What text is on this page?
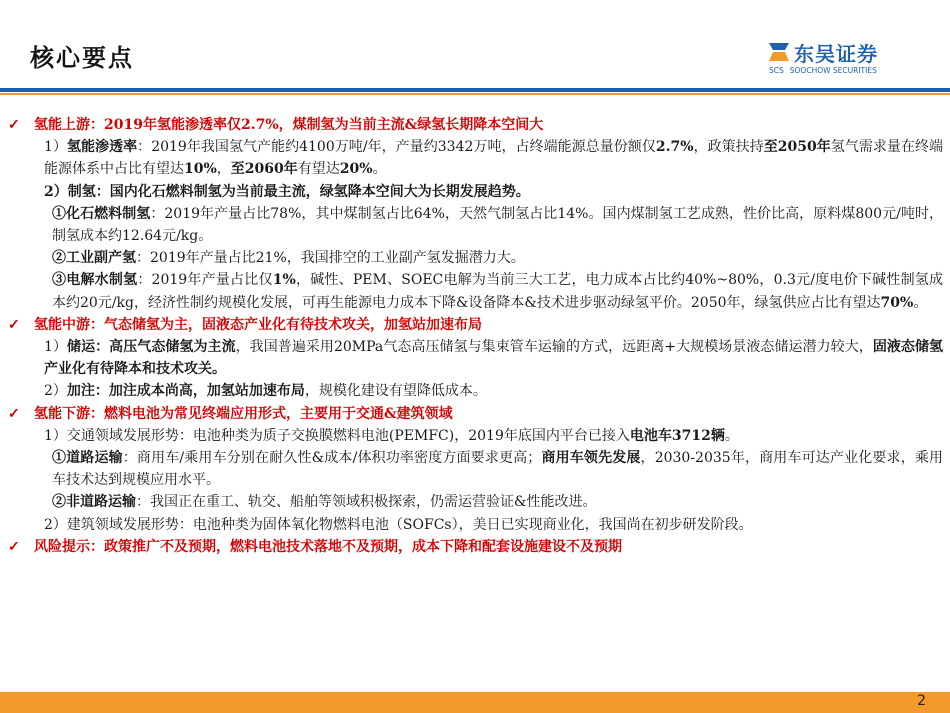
核心要点	东吴证券
SCS SOOCHOW SECURITIES
✓ 氢能上游：2019年氢能渗透率仅2.7%，煤制氢为当前主流&绿氢长期降本空间大
1）氢能渗透率：2019年我国氢气产能约4100万吨/年，产量约3342万吨，占终端能源总量份额仅2.7%，政策扶持至2050年氢气需求量在终端能源体系中占比有望达10%，至2060年有望达20%。
2）制氢：国内化石燃料制氢为当前最主流，绿氢降本空间大为长期发展趋势。
①化石燃料制氢：2019年产量占比78%，其中煤制氢占比64%，天然气制氢占比14%。国内煤制氢工艺成熟，性价比高，原料煤800元/吨时，制氢成本约12.64元/kg。
②工业副产氢：2019年产量占比21%，我国排空的工业副产氢发掘潜力大。
③电解水制氢：2019年产量占比仅1%，碱性、PEM、SOEC电解为当前三大工艺，电力成本占比约40%~80%，0.3元/度电价下碱性制氢成本约20元/kg，经济性制约规模化发展，可再生能源电力成本下降&设备降本&技术进步驱动绿氢平价。2050年，绿氢供应占比有望达70%。
✓ 氢能中游：气态储氢为主，固液态产业化有待技术攻关，加氢站加速布局
1）储运：高压气态储氢为主流，我国普遍采用20MPa气态高压储氢与集束管车运输的方式，远距离+大规模场景液态储运潜力较大，固液态储氢产业化有待降本和技术攻关。
2）加注：加注成本尚高，加氢站加速布局，规模化建设有望降低成本。
✓ 氢能下游：燃料电池为常见终端应用形式，主要用于交通&建筑领域
1）交通领域发展形势：电池种类为质子交换膜燃料电池(PEMFC)，2019年底国内平台已接入电池车3712辆。
①道路运输：商用车/乘用车分别在耐久性&成本/体积功率密度方面要求更高；商用车领先发展，2030-2035年，商用车可达产业化要求，乘用车技术达到规模应用水平。
②非道路运输：我国正在重工、轨交、船舶等领域积极探索，仍需运营验证&性能改进。
2）建筑领域发展形势：电池种类为固体氧化物燃料电池（SOFCs），美日已实现商业化，我国尚在初步研发阶段。
✓ 风险提示：政策推广不及预期，燃料电池技术落地不及预期，成本下降和配套设施建设不及预期
2
